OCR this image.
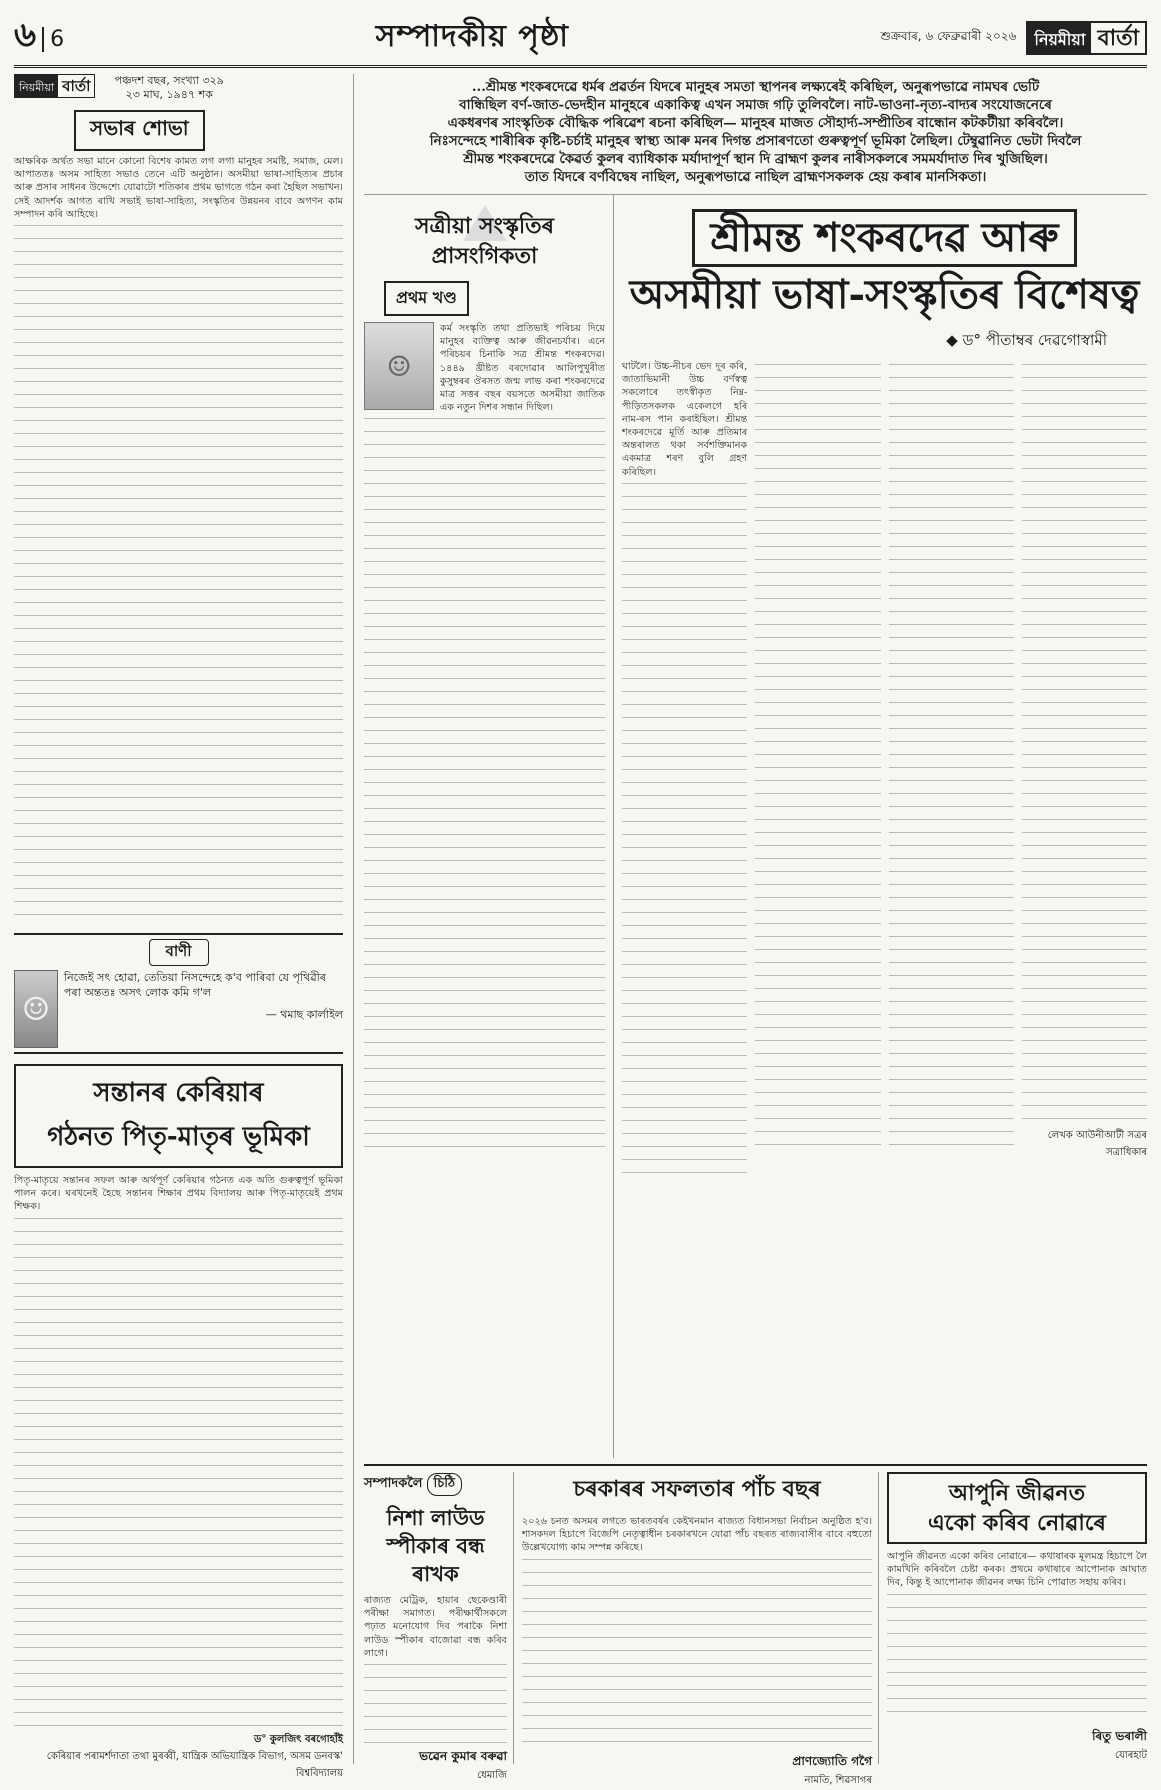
৬ 6	সম্পাদকীয় পৃষ্ঠা	শুক্ৰবাৰ, ৬ ফেব্ৰুৱাৰী ২০২৬	নিয়মীয়া বাৰ্তা
নিয়মীয়া বাৰ্তা
	পঞ্চদশ বছৰ, সংখ্যা ৩২৯
২৩ মাঘ, ১৯৪৭ শক
সভাৰ শোভা

আক্ষৰিক অৰ্থত সভা মানে কোনো বিশেষ কামত লগ লগা মানুহৰ সমষ্টি, সমাজ, মেল। আপাততঃ অসম সাহিত্য সভাও তেনে এটি অনুষ্ঠান। অসমীয়া ভাষা-সাহিত্যৰ প্ৰচাৰ আৰু প্ৰসাৰ সাধনৰ উদ্দেশ্যে যোৱাটো শতিকাৰ প্ৰথম ভাগতে গঠন কৰা হৈছিল সভাখন। সেই আদৰ্শক আগত ৰাখি সভাই ভাষা-সাহিত্য, সংস্কৃতিৰ উন্নয়নৰ বাবে অগণন কাম সম্পাদন কৰি আহিছে।

বাণী
☺

নিজেই সৎ হোৱা, তেতিয়া নিসন্দেহে ক'ব পাৰিবা যে পৃথিৱীৰ পৰা অন্ততঃ অসৎ লোক কমি গ'ল

— থমাছ কাৰ্লাইল

সন্তানৰ কেৰিয়াৰ
গঠনত পিতৃ-মাতৃৰ ভূমিকা

পিতৃ-মাতৃয়ে সন্তানৰ সফল আৰু অৰ্থপূৰ্ণ কেৰিয়াৰ গঠনত এক অতি গুৰুত্বপূৰ্ণ ভূমিকা পালন কৰে। ঘৰখনেই হৈছে সন্তানৰ শিক্ষাৰ প্ৰথম বিদ্যালয় আৰু পিতৃ-মাতৃয়েই প্ৰথম শিক্ষক।

ড° কুলজিৎ বৰগোহাঁই
কেৰিয়াৰ পৰামৰ্শদাতা তথা মুৰব্বী, যান্ত্ৰিক অভিযান্ত্ৰিক বিভাগ, অসম ডনবস্ক' বিশ্ববিদ্যালয়

...শ্ৰীমন্ত শংকৰদেৱে ধৰ্মৰ প্ৰৱৰ্তন যিদৰে মানুহৰ সমতা স্থাপনৰ লক্ষ্যৰেই কৰিছিল, অনুৰূপভাৱে নামঘৰ ভেটি

বান্ধিছিল বৰ্ণ-জাত-ভেদহীন মানুহৰে একাকিত্ব এখন সমাজ গঢ়ি তুলিবলৈ। নাট-ভাওনা-নৃত্য-বাদ্যৰ সংযোজনেৰে

একধৰণৰ সাংস্কৃতিক বৌদ্ধিক পৰিৱেশ ৰচনা কৰিছিল— মানুহৰ মাজত সৌহাৰ্দ্য-সম্প্ৰীতিৰ বান্ধোন কটকটীয়া কৰিবলৈ।

নিঃসন্দেহে শাৰীৰিক কৃষ্টি-চৰ্চাই মানুহৰ স্বাস্থ্য আৰু মনৰ দিগন্ত প্ৰসাৰণতো গুৰুত্বপূৰ্ণ ভূমিকা লৈছিল। টেম্বুৱানিত ভেটা দিবলৈ

শ্ৰীমন্ত শংকৰদেৱে কৈৱৰ্ত কুলৰ ব্যাধিকাক মৰ্যাদাপূৰ্ণ স্থান দি ব্ৰাহ্মণ কুলৰ নাৰীসকলৰে সমমৰ্যাদাত দিৰ খুজিছিল।

তাত যিদৰে বৰ্ণবিদ্বেষ নাছিল, অনুৰূপভাৱে নাছিল ব্ৰাহ্মণসকলক হেয় কৰাৰ মানসিকতা।

সত্ৰীয়া সংস্কৃতিৰ
প্ৰাসংগিকতা
প্ৰথম খণ্ড
☺

কৰ্ম সংস্কৃতি তথা প্ৰতিভাই পৰিচয় দিয়ে মানুহৰ ব্যক্তিত্ব আৰু জীৱনচৰ্যাৰ। এনে পৰিচয়ৰ চিনাকি সত্ৰ শ্ৰীমন্ত শংকৰদেৱ। ১৪৪৯ খ্ৰীষ্টত বৰদোৱাৰ আলিপুখুৰীত কুসুম্বৰৰ ঔৰসত জন্ম লাভ কৰা শংকৰদেৱে মাত্ৰ সত্তৰ বছৰ বয়সতে অসমীয়া জাতিক এক নতুন দিশৰ সন্ধান দিছিল।

শ্ৰীমন্ত শংকৰদেৱ আৰু
অসমীয়া ভাষা-সংস্কৃতিৰ বিশেষত্ব
◆ ড° পীতাম্বৰ দেৱগোস্বামী

ঘাটলৈ। উচ্চ-নীচৰ ভেদ দূৰ কৰি, জাতাভিমানী উচ্চ বৰ্ণস্বত্ব সকলোৰে তৎস্বীকৃত নিম্ন-পীড়িতসকলক একেলগে হৰি নাম-ৰস পান কৰাইছিল। শ্ৰীমন্ত শংকৰদেৱে মূৰ্তি আৰু প্ৰতিমাৰ অন্তৰালত থকা সৰ্বশক্তিমানক একমাত্ৰ শৰণ বুলি গ্ৰহণ কৰিছিল।

লেখক আউনীআটী সত্ৰৰ সত্ৰাধিকাৰ
সম্পাদকলৈ চিঠি
নিশা লাউড স্পীকাৰ বন্ধ ৰাখক

ৰাজ্যত মেট্ৰিক, হায়াৰ ছেকেণ্ডাৰী পৰীক্ষা সমাগত। পৰীক্ষাৰ্থীসকলে পঢ়াত মনোযোগ দিব পৰাকৈ নিশা লাউড স্পীকাৰ বাজোৱা বন্ধ কৰিব লাগে।

ভৱেন কুমাৰ বৰুৱা
ধেমাজি
চৰকাৰৰ সফলতাৰ পাঁচ বছৰ

২০২৬ চনত অসমৰ লগতে ভাৰতবৰ্ষৰ কেইখনমান ৰাজ্যত বিধানসভা নিৰ্বাচন অনুষ্ঠিত হ'ব। শাসকদল হিচাপে বিজেপি নেতৃত্বাধীন চৰকাৰখনে যোৱা পাঁচ বছৰত ৰাজ্যবাসীৰ বাবে বহুতো উল্লেখযোগ্য কাম সম্পন্ন কৰিছে।

প্ৰাণজ্যোতি গগৈ
নামতি, শিৱসাগৰ
আপুনি জীৱনত
একো কৰিব নোৱাৰে

আপুনি জীৱনত একো কৰিব নোৱাৰে— কথাষাৰক মূলমন্ত্ৰ হিচাপে লৈ কামখিনি কৰিবলৈ চেষ্টা কৰক। প্ৰথমে কথাষাৰে আপোনাক আঘাত দিব, কিন্তু ই আপোনাক জীৱনৰ লক্ষ্য চিনি পোৱাত সহায় কৰিব।

ৰিতু ভৰালী
যোৰহাট
